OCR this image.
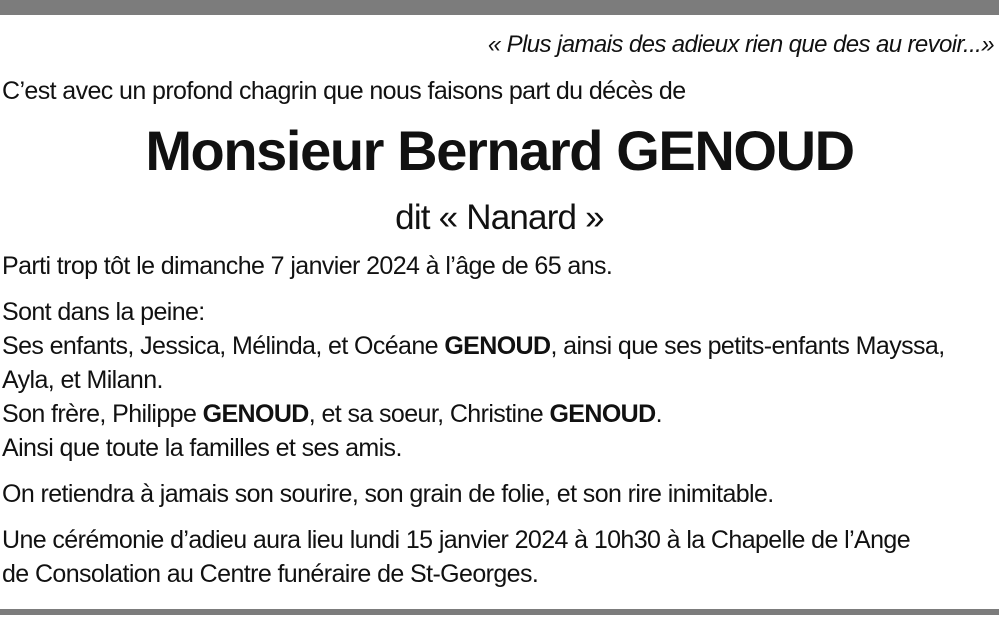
« Plus jamais des adieux rien que des au revoir...»
C’est avec un profond chagrin que nous faisons part du décès de
Monsieur Bernard GENOUD
dit « Nanard »
Parti trop tôt le dimanche 7 janvier 2024 à l’âge de 65 ans.
Sont dans la peine:
Ses enfants, Jessica, Mélinda, et Océane GENOUD, ainsi que ses petits-enfants Mayssa,
Ayla, et Milann.
Son frère, Philippe GENOUD, et sa soeur, Christine GENOUD.
Ainsi que toute la familles et ses amis.
On retiendra à jamais son sourire, son grain de folie, et son rire inimitable.
Une cérémonie d’adieu aura lieu lundi 15 janvier 2024 à 10h30 à la Chapelle de l’Ange
de Consolation au Centre funéraire de St-Georges.
